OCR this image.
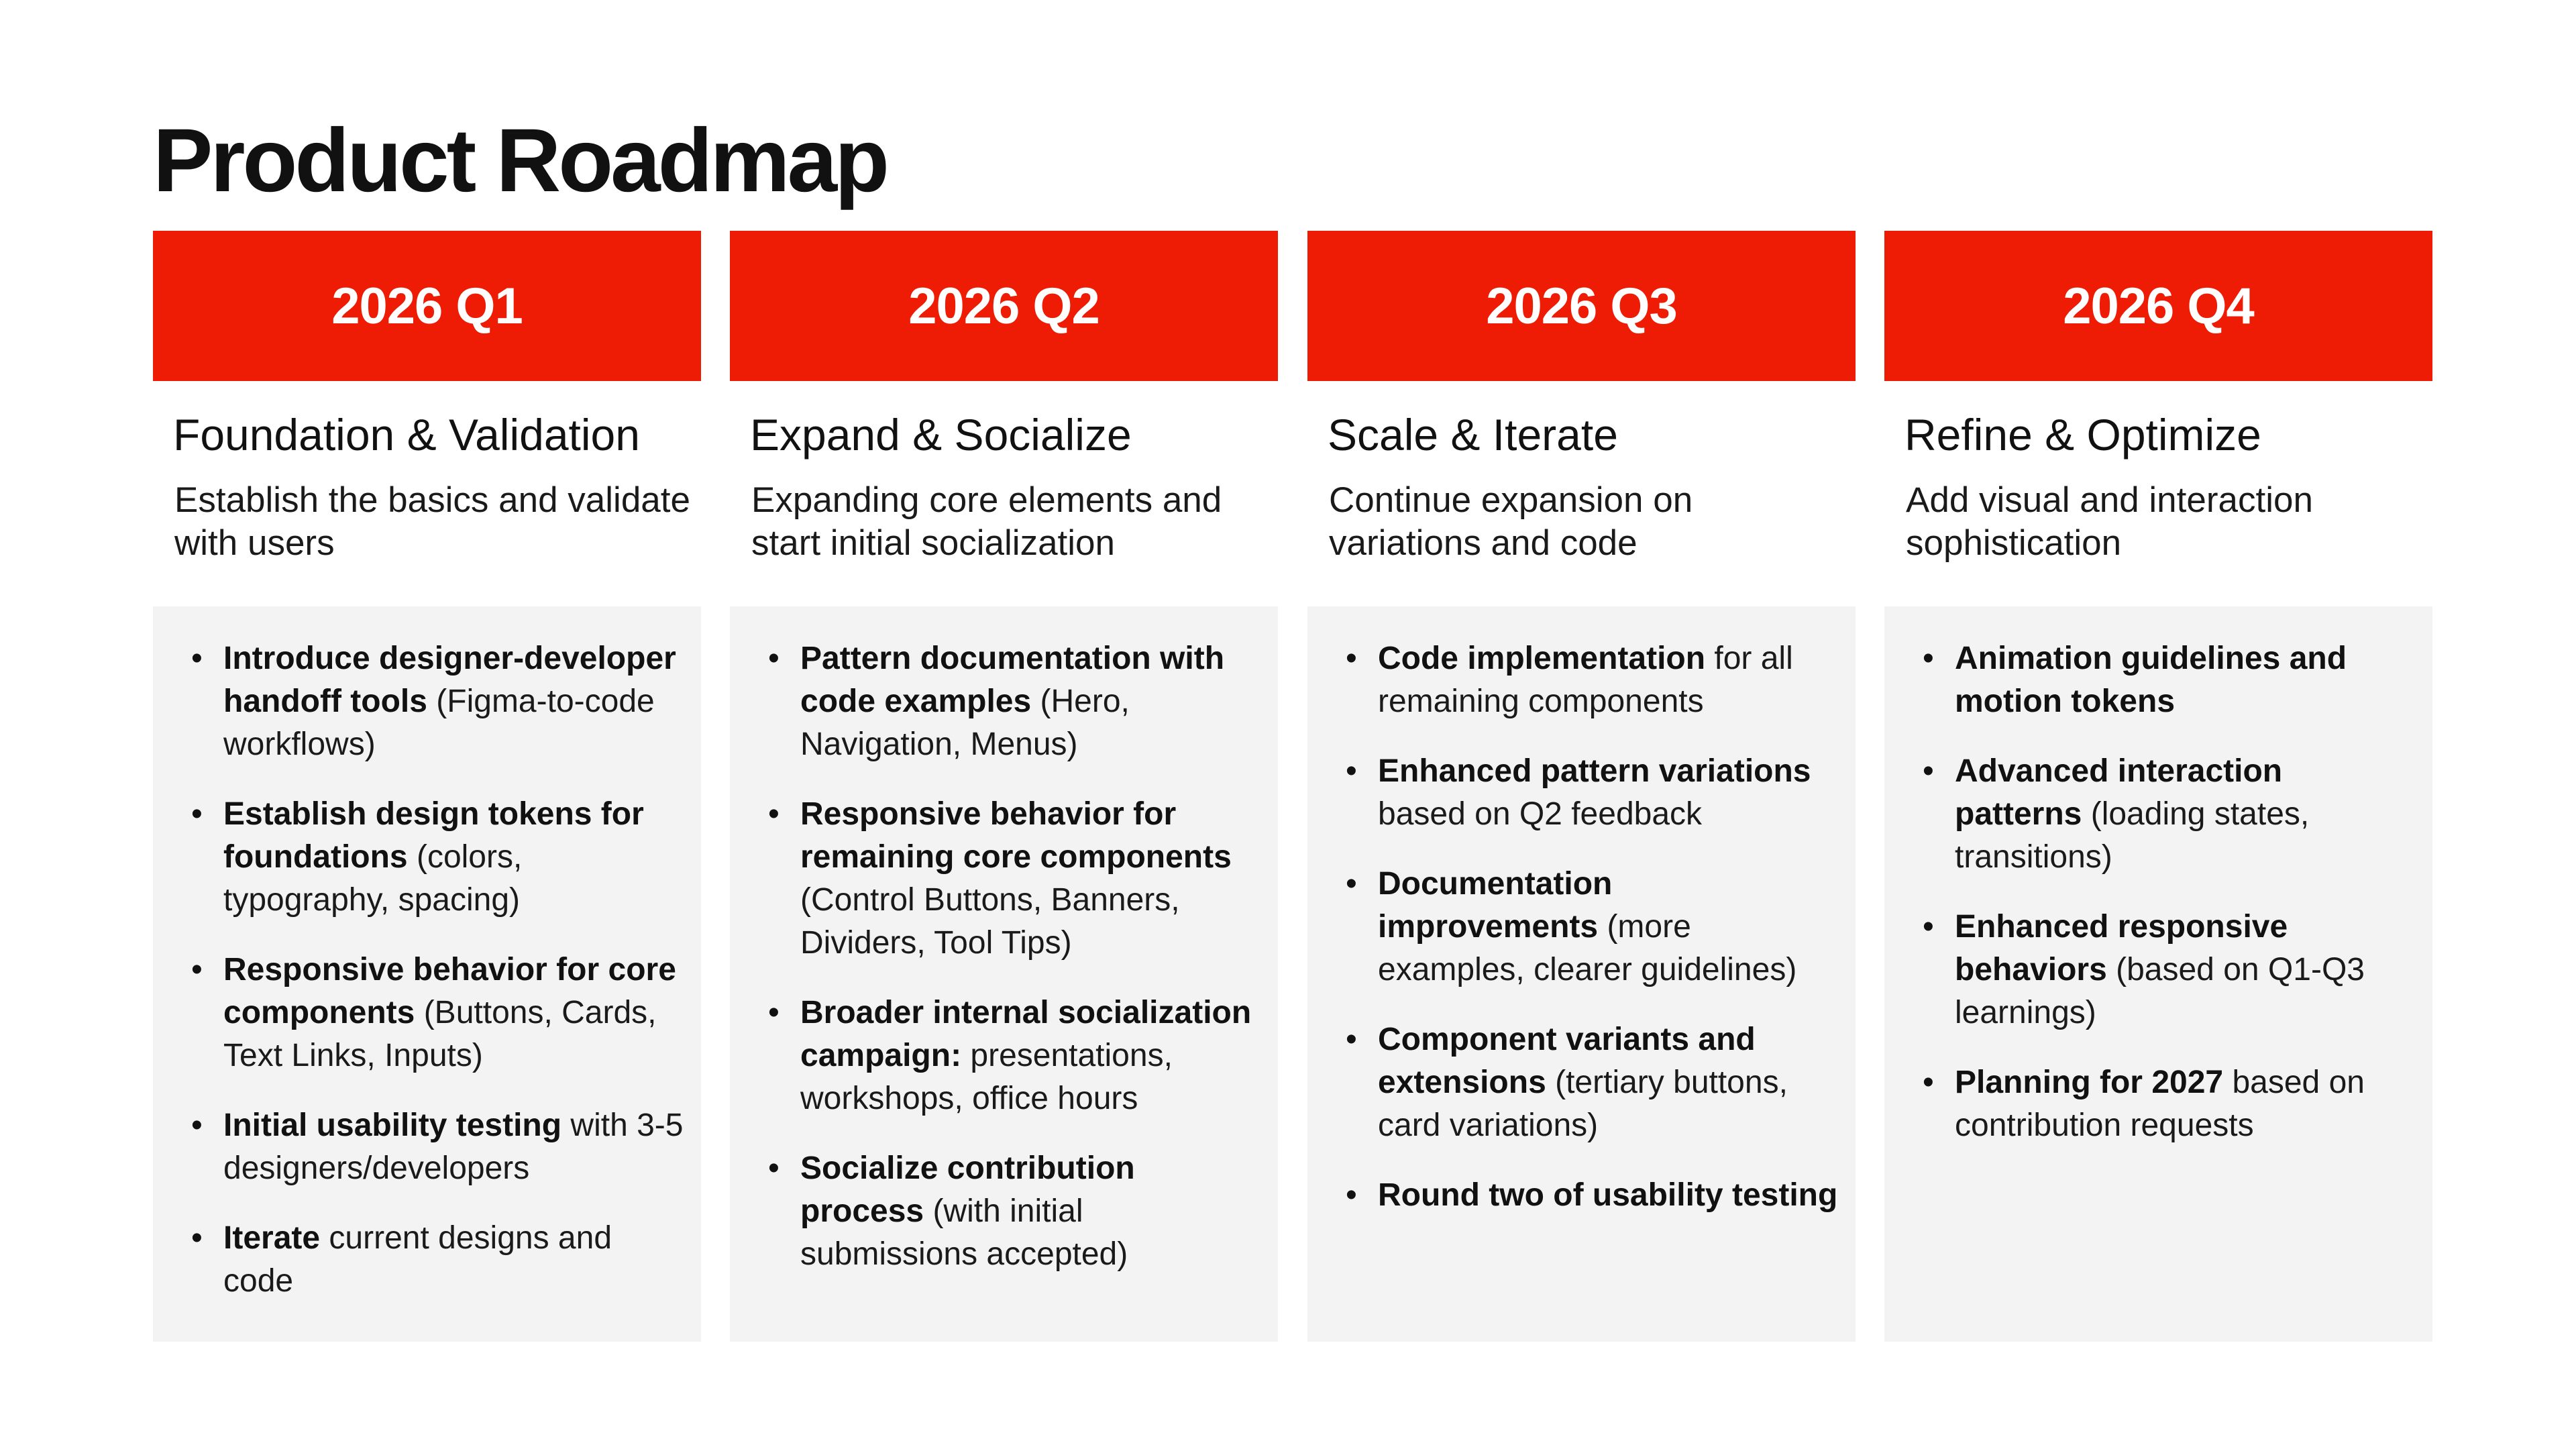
Product Roadmap
2026 Q1
Foundation & Validation
Establish the basics and validate with users
• Introduce designer-developer handoff tools (Figma-to-code workflows)
• Establish design tokens for foundations (colors, typography, spacing)
• Responsive behavior for core components (Buttons, Cards, Text Links, Inputs)
• Initial usability testing with 3-5 designers/developers
• Iterate current designs and code
2026 Q2
Expand & Socialize
Expanding core elements and start initial socialization
• Pattern documentation with code examples (Hero, Navigation, Menus)
• Responsive behavior for remaining core components (Control Buttons, Banners, Dividers, Tool Tips)
• Broader internal socialization campaign: presentations, workshops, office hours
• Socialize contribution process (with initial submissions accepted)
2026 Q3
Scale & Iterate
Continue expansion on variations and code
• Code implementation for all remaining components
• Enhanced pattern variations based on Q2 feedback
• Documentation improvements (more examples, clearer guidelines)
• Component variants and extensions (tertiary buttons, card variations)
• Round two of usability testing
2026 Q4
Refine & Optimize
Add visual and interaction sophistication
• Animation guidelines and motion tokens
• Advanced interaction patterns (loading states, transitions)
• Enhanced responsive behaviors (based on Q1-Q3 learnings)
• Planning for 2027 based on contribution requests
